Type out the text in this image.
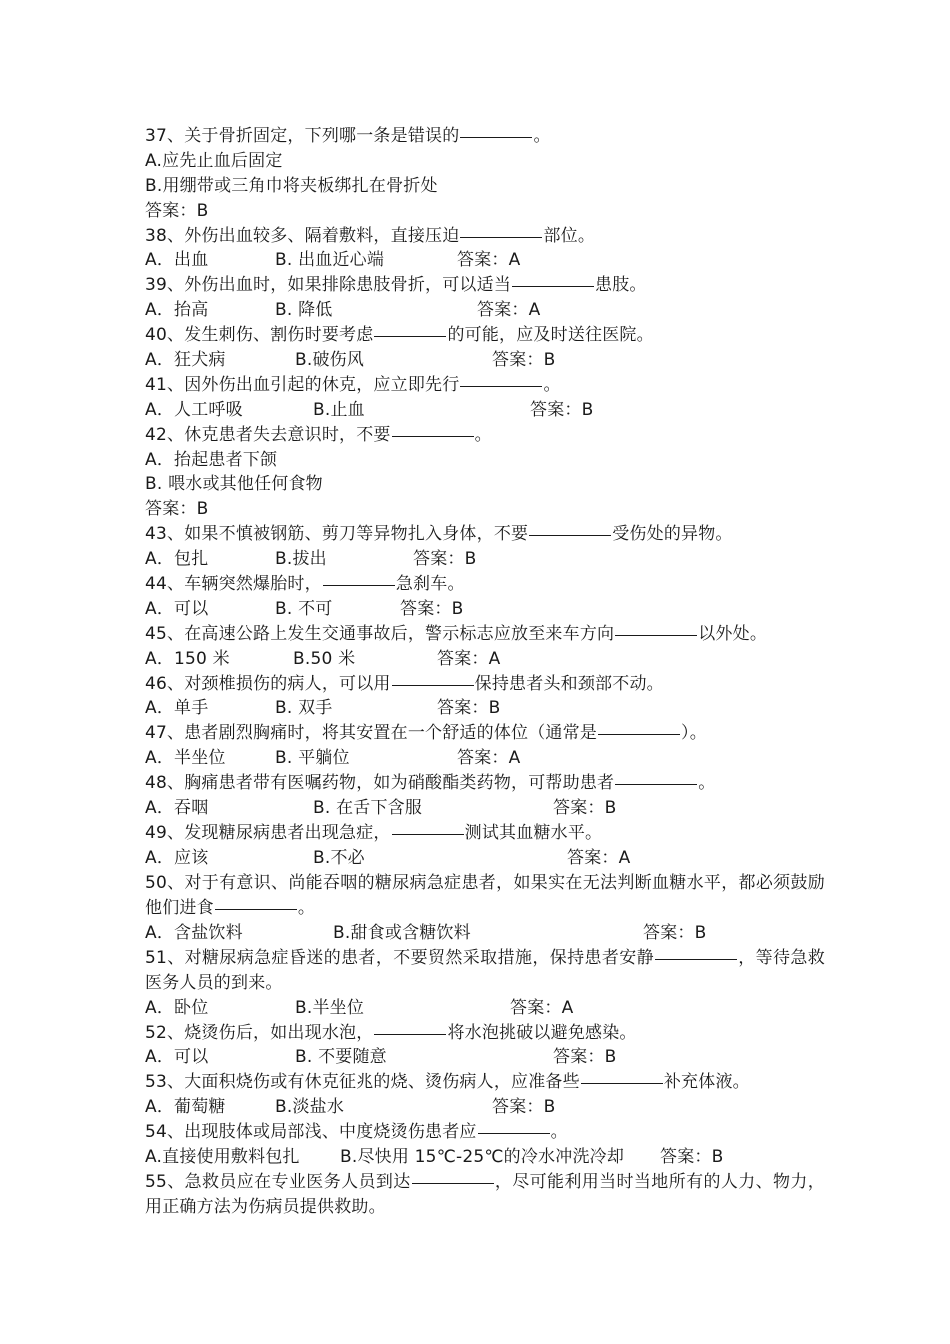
37、关于骨折固定，下列哪一条是错误的	。
A.应先止血后固定
B.用绷带或三角巾将夹板绑扎在骨折处
答案：B
38、外伤出血较多、隔着敷料，直接压迫	部位。
A．出血	B. 出血近心端	答案：A
39、外伤出血时，如果排除患肢骨折，可以适当	患肢。
A．抬高	B. 降低	答案：A
40、发生刺伤、割伤时要考虑	的可能，应及时送往医院。
A．狂犬病	B.破伤风	答案：B
41、因外伤出血引起的休克，应立即先行	。
A．人工呼吸	B.止血	答案：B
42、休克患者失去意识时，不要	。
A．抬起患者下颌
B. 喂水或其他任何食物
答案：B
43、如果不慎被钢筋、剪刀等异物扎入身体，不要	受伤处的异物。
A．包扎	B.拔出	答案：B
44、车辆突然爆胎时，	急刹车。
A．可以	B. 不可	答案：B
45、在高速公路上发生交通事故后，警示标志应放至来车方向	以外处。
A．150 米	B.50 米	答案：A
46、对颈椎损伤的病人，可以用	保持患者头和颈部不动。
A．单手	B. 双手	答案：B
47、患者剧烈胸痛时，将其安置在一个舒适的体位（通常是	）。
A．半坐位	B. 平躺位	答案：A
48、胸痛患者带有医嘱药物，如为硝酸酯类药物，可帮助患者	。
A．吞咽	B. 在舌下含服	答案：B
49、发现糖尿病患者出现急症，	测试其血糖水平。
A．应该	B.不必	答案：A
50、对于有意识、尚能吞咽的糖尿病急症患者，如果实在无法判断血糖水平，都必须鼓励他们进食	。
A．含盐饮料	B.甜食或含糖饮料	答案：B
51、对糖尿病急症昏迷的患者，不要贸然采取措施，保持患者安静	，等待急救医务人员的到来。
A．卧位	B.半坐位	答案：A
52、烧烫伤后，如出现水泡，	将水泡挑破以避免感染。
A．可以	B. 不要随意	答案：B
53、大面积烧伤或有休克征兆的烧、烫伤病人，应准备些	补充体液。
A．葡萄糖	B.淡盐水	答案：B
54、出现肢体或局部浅、中度烧烫伤患者应	。
A.直接使用敷料包扎 B.尽快用 15℃-25℃的冷水冲洗冷却 答案：B
55、急救员应在专业医务人员到达	，尽可能利用当时当地所有的人力、物力，用正确方法为伤病员提供救助。
